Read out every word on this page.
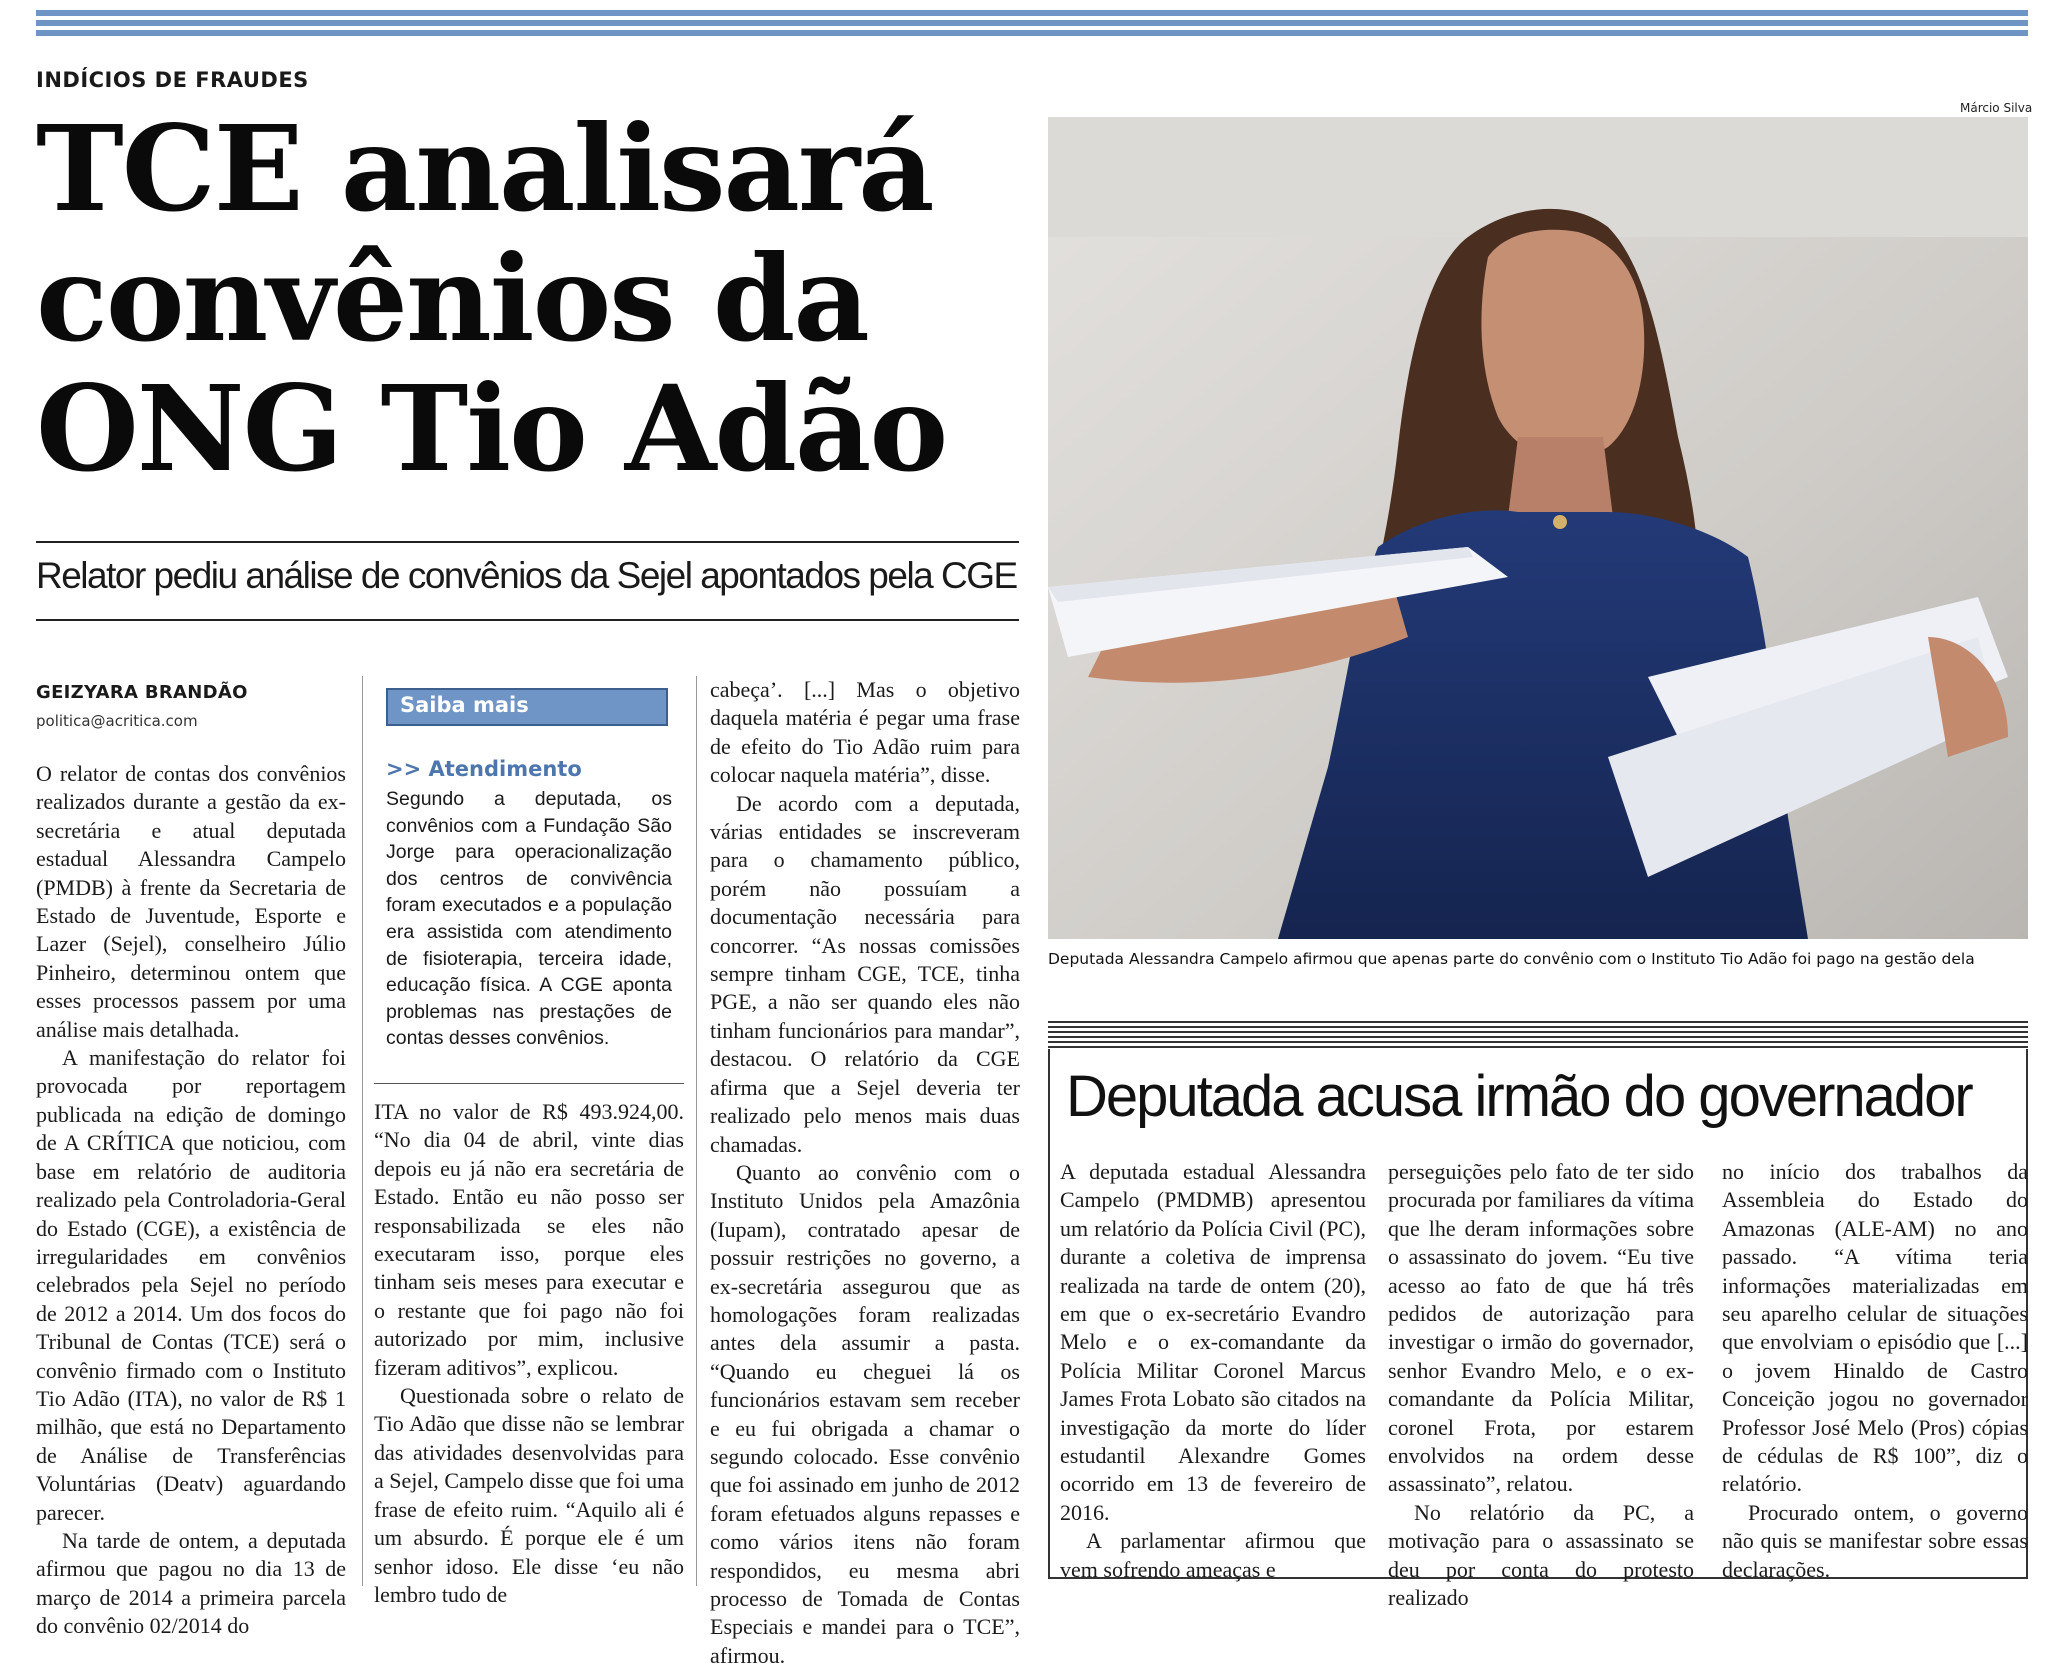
INDÍCIOS DE FRAUDES
TCE analisará
convênios da
ONG Tio Adão
Relator pediu análise de convênios da Sejel apontados pela CGE
GEIZYARA BRANDÃO
politica@acritica.com

O relator de contas dos convênios realizados durante a gestão da ex-secretária e atual deputada estadual Alessandra Campelo (PMDB) à frente da Secretaria de Estado de Juventude, Esporte e Lazer (Sejel), conselheiro Júlio Pinheiro, determinou ontem que esses processos passem por uma análise mais detalhada.

A manifestação do relator foi provocada por reportagem publicada na edição de domingo de A CRÍTICA que noticiou, com base em relatório de auditoria realizado pela Controladoria-Geral do Estado (CGE), a existência de irregularidades em convênios celebrados pela Sejel no período de 2012 a 2014. Um dos focos do Tribunal de Contas (TCE) será o convênio firmado com o Instituto Tio Adão (ITA), no valor de R$ 1 milhão, que está no Departamento de Análise de Transferências Voluntárias (Deatv) aguardando parecer.

Na tarde de ontem, a deputada afirmou que pagou no dia 13 de março de 2014 a primeira parcela do convênio 02/2014 do

Saiba mais
>> Atendimento
Segundo a deputada, os convênios com a Fundação São Jorge para operacionalização dos centros de convivência foram executados e a população era assistida com atendimento de fisioterapia, terceira idade, educação física. A CGE aponta problemas nas prestações de contas desses convênios.

ITA no valor de R$ 493.924,00. “No dia 04 de abril, vinte dias depois eu já não era secretária de Estado. Então eu não posso ser responsabilizada se eles não executaram isso, porque eles tinham seis meses para executar e o restante que foi pago não foi autorizado por mim, inclusive fizeram aditivos”, explicou.

Questionada sobre o relato de Tio Adão que disse não se lembrar das atividades desenvolvidas para a Sejel, Campelo disse que foi uma frase de efeito ruim. “Aquilo ali é um absurdo. É porque ele é um senhor idoso. Ele disse ‘eu não lembro tudo de

cabeça’. [...] Mas o objetivo daquela matéria é pegar uma frase de efeito do Tio Adão ruim para colocar naquela matéria”, disse.

De acordo com a deputada, várias entidades se inscreveram para o chamamento público, porém não possuíam a documentação necessária para concorrer. “As nossas comissões sempre tinham CGE, TCE, tinha PGE, a não ser quando eles não tinham funcionários para mandar”, destacou. O relatório da CGE afirma que a Sejel deveria ter realizado pelo menos mais duas chamadas.

Quanto ao convênio com o Instituto Unidos pela Amazônia (Iupam), contratado apesar de possuir restrições no governo, a ex-secretária assegurou que as homologações foram realizadas antes dela assumir a pasta. “Quando eu cheguei lá os funcionários estavam sem receber e eu fui obrigada a chamar o segundo colocado. Esse convênio que foi assinado em junho de 2012 foram efetuados alguns repasses e como vários itens não foram respondidos, eu mesma abri processo de Tomada de Contas Especiais e mandei para o TCE”, afirmou.

Márcio Silva
Deputada Alessandra Campelo afirmou que apenas parte do convênio com o Instituto Tio Adão foi pago na gestão dela
Deputada acusa irmão do governador

A deputada estadual Alessandra Campelo (PMDMB) apresentou um relatório da Polícia Civil (PC), durante a coletiva de imprensa realizada na tarde de ontem (20), em que o ex-secretário Evandro Melo e o ex-comandante da Polícia Militar Coronel Marcus James Frota Lobato são citados na investigação da morte do líder estudantil Alexandre Gomes ocorrido em 13 de fevereiro de 2016.

A parlamentar afirmou que vem sofrendo ameaças e

perseguições pelo fato de ter sido procurada por familiares da vítima que lhe deram informações sobre o assassinato do jovem. “Eu tive acesso ao fato de que há três pedidos de autorização para investigar o irmão do governador, senhor Evandro Melo, e o ex-comandante da Polícia Militar, coronel Frota, por estarem envolvidos na ordem desse assassinato”, relatou.

No relatório da PC, a motivação para o assassinato se deu por conta do protesto realizado

no início dos trabalhos da Assembleia do Estado do Amazonas (ALE-AM) no ano passado. “A vítima teria informações materializadas em seu aparelho celular de situações que envolviam o episódio que [...] o jovem Hinaldo de Castro Conceição jogou no governador Professor José Melo (Pros) cópias de cédulas de R$ 100”, diz o relatório.

Procurado ontem, o governo não quis se manifestar sobre essas declarações.
